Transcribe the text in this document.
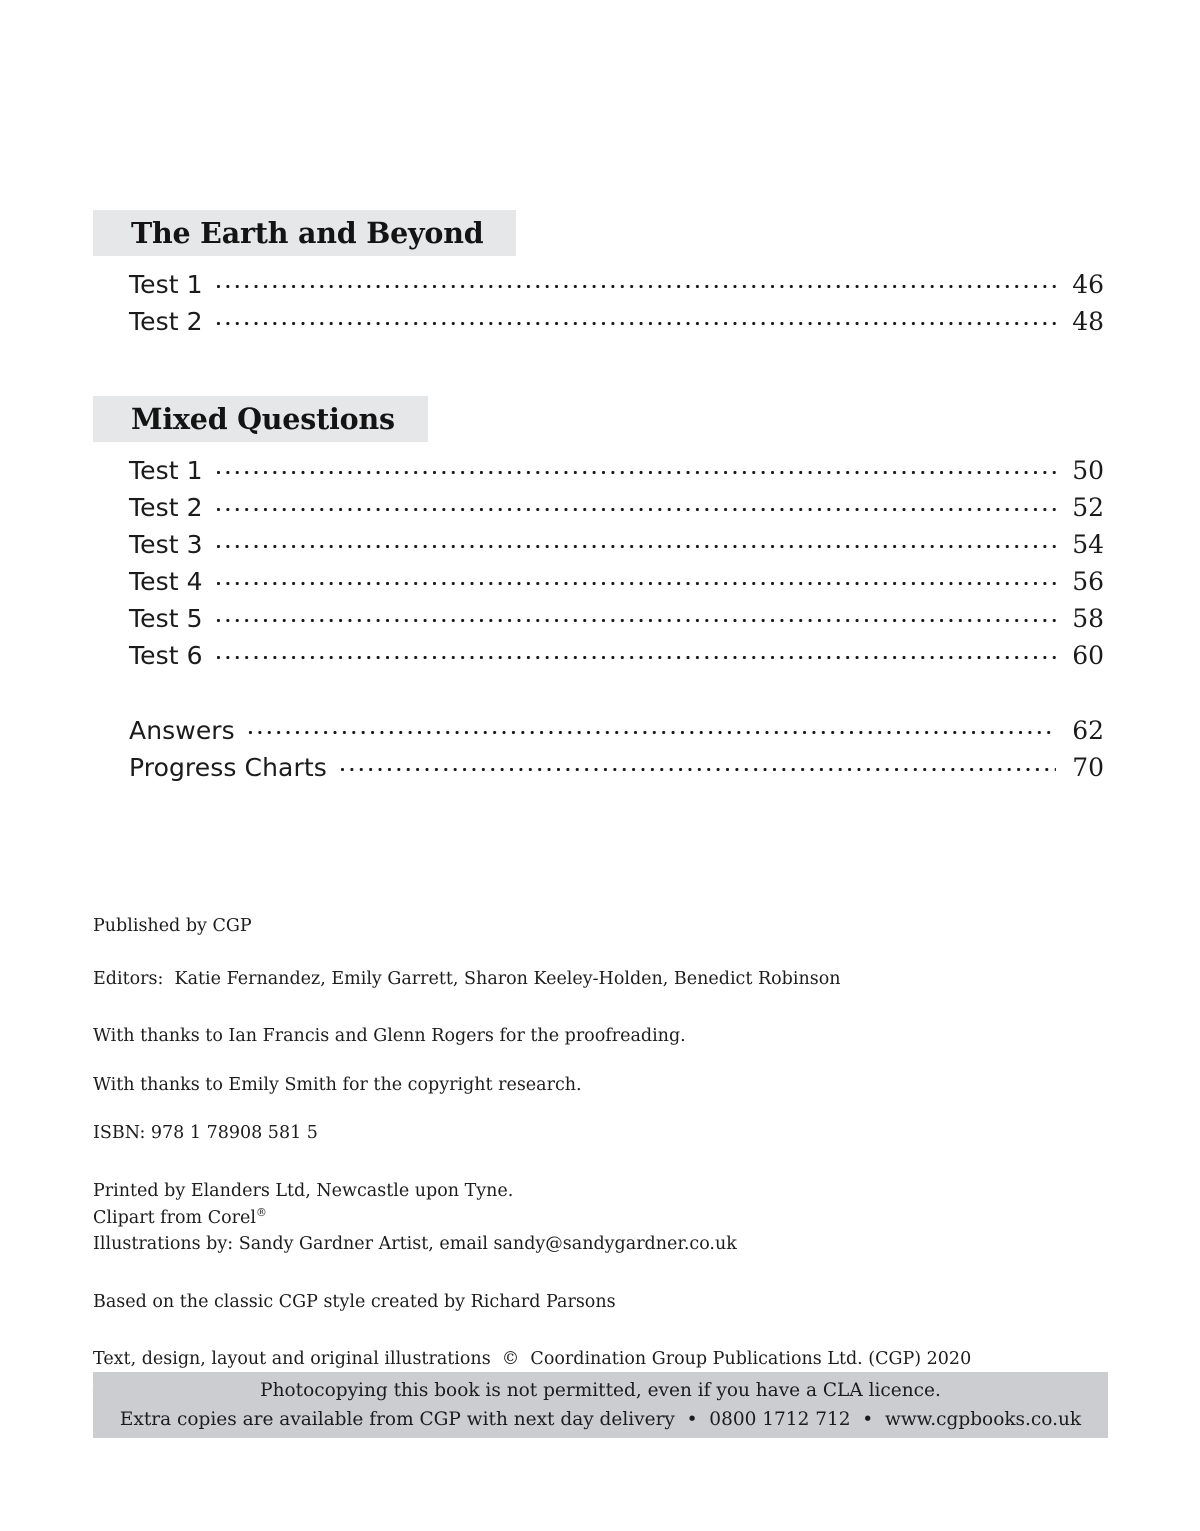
The Earth and Beyond
Test 1	46
Test 2	48
Mixed Questions
Test 1	50
Test 2	52
Test 3	54
Test 4	56
Test 5	58
Test 6	60
Answers	62
Progress Charts	70
Published by CGP
Editors:  Katie Fernandez, Emily Garrett, Sharon Keeley-Holden, Benedict Robinson
With thanks to Ian Francis and Glenn Rogers for the proofreading.
With thanks to Emily Smith for the copyright research.
ISBN: 978 1 78908 581 5
Printed by Elanders Ltd, Newcastle upon Tyne.
Clipart from Corel®
Illustrations by: Sandy Gardner Artist, email sandy@sandygardner.co.uk
Based on the classic CGP style created by Richard Parsons
Text, design, layout and original illustrations  ©  Coordination Group Publications Ltd. (CGP) 2020
Photocopying this book is not permitted, even if you have a CLA licence.
Extra copies are available from CGP with next day delivery  •  0800 1712 712  •  www.cgpbooks.co.uk
